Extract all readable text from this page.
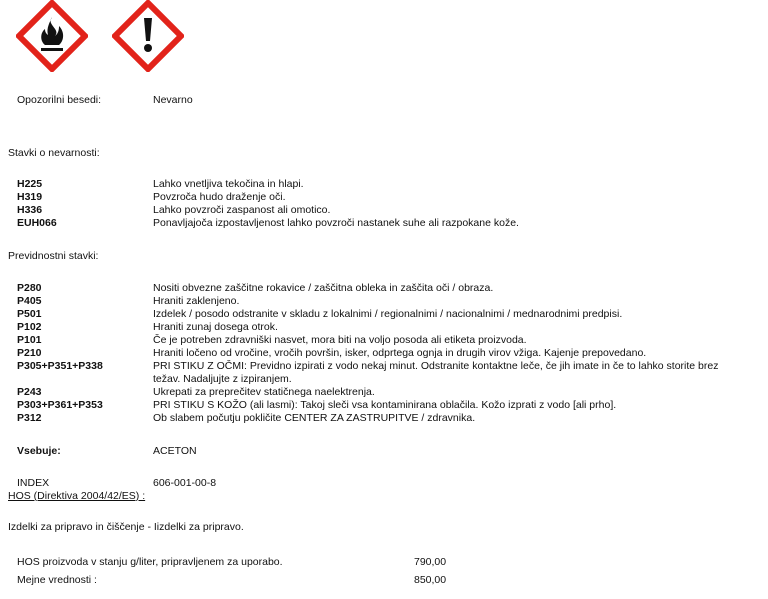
Opozorilni besedi:	Nevarno
Stavki o nevarnosti:
H225	Lahko vnetljiva tekočina in hlapi.
H319	Povzroča hudo draženje oči.
H336	Lahko povzroči zaspanost ali omotico.
EUH066	Ponavljajoča izpostavljenost lahko povzroči nastanek suhe ali razpokane kože.
Previdnostni stavki:
P280	Nositi obvezne zaščitne rokavice / zaščitna obleka in zaščita oči / obraza.
P405	Hraniti zaklenjeno.
P501	Izdelek / posodo odstranite v skladu z lokalnimi / regionalnimi / nacionalnimi / mednarodnimi predpisi.
P102	Hraniti zunaj dosega otrok.
P101	Če je potreben zdravniški nasvet, mora biti na voljo posoda ali etiketa proizvoda.
P210	Hraniti ločeno od vročine, vročih površin, isker, odprtega ognja in drugih virov vžiga. Kajenje prepovedano.
P305+P351+P338	PRI STIKU Z OČMI: Previdno izpirati z vodo nekaj minut. Odstranite kontaktne leče, če jih imate in če to lahko storite brez
težav. Nadaljujte z izpiranjem.
P243	Ukrepati za preprečitev statičnega naelektrenja.
P303+P361+P353	PRI STIKU S KOŽO (ali lasmi): Takoj sleči vsa kontaminirana oblačila. Kožo izprati z vodo [ali prho].
P312	Ob slabem počutju pokličite CENTER ZA ZASTRUPITVE / zdravnika.
Vsebuje:	ACETON
INDEX	606-001-00-8
HOS (Direktiva 2004/42/ES) :
Izdelki za pripravo in čiščenje - Iizdelki za pripravo.
HOS proizvoda v stanju g/liter, pripravljenem za uporabo.	790,00
Mejne vrednosti :	850,00
